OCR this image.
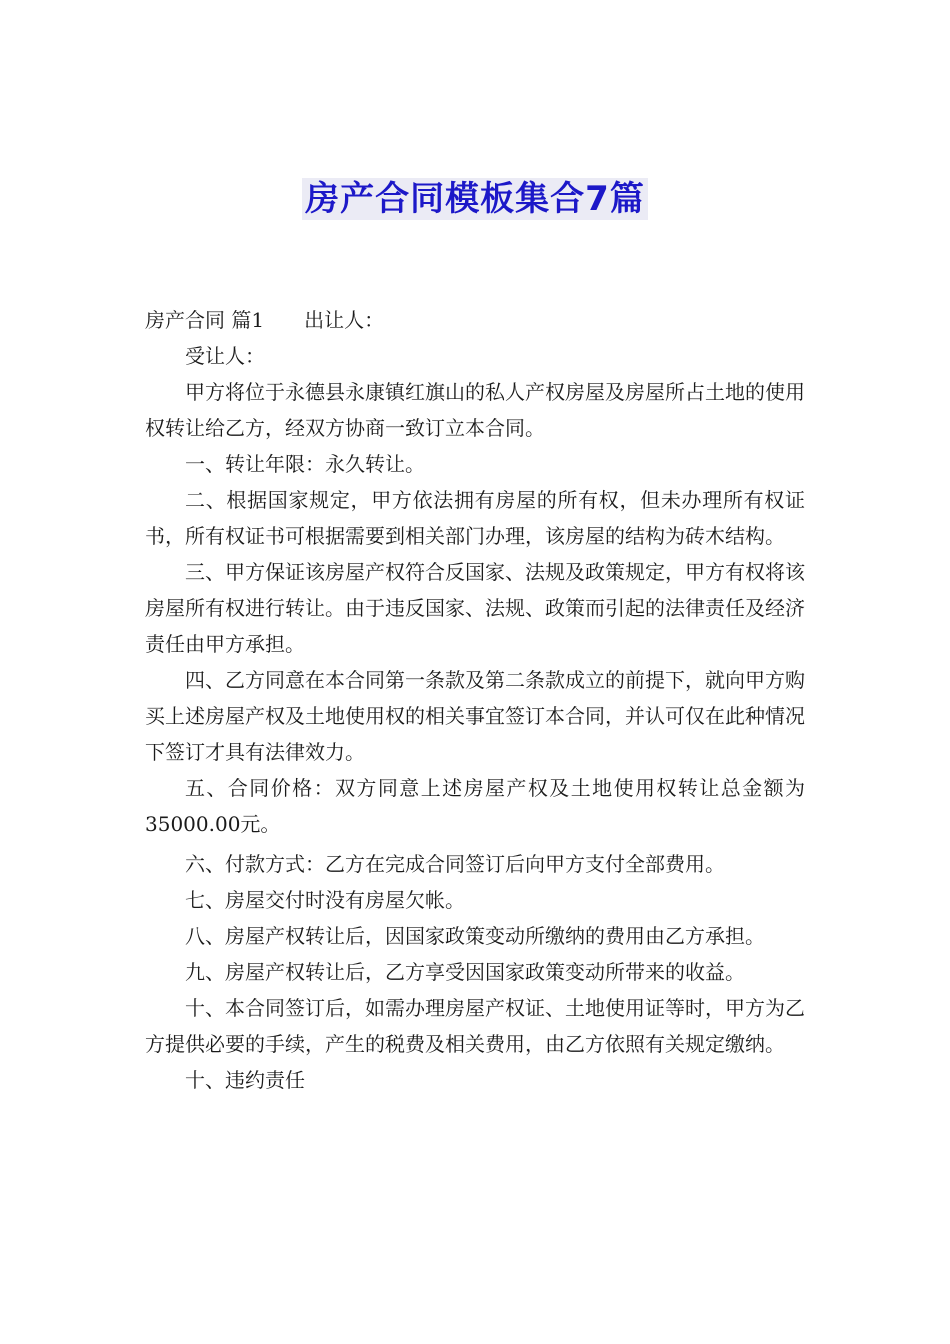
房产合同模板集合7篇

房产合同 篇1 出让人：

受让人：

甲方将位于永德县永康镇红旗山的私人产权房屋及房屋所占土地的使用权转让给乙方，经双方协商一致订立本合同。

一、转让年限：永久转让。

二、根据国家规定，甲方依法拥有房屋的所有权，但未办理所有权证书，所有权证书可根据需要到相关部门办理，该房屋的结构为砖木结构。

三、甲方保证该房屋产权符合反国家、法规及政策规定，甲方有权将该房屋所有权进行转让。由于违反国家、法规、政策而引起的法律责任及经济责任由甲方承担。

四、乙方同意在本合同第一条款及第二条款成立的前提下，就向甲方购买上述房屋产权及土地使用权的相关事宜签订本合同，并认可仅在此种情况下签订才具有法律效力。

五、合同价格：双方同意上述房屋产权及土地使用权转让总金额为35000.00元。

六、付款方式：乙方在完成合同签订后向甲方支付全部费用。

七、房屋交付时没有房屋欠帐。

八、房屋产权转让后，因国家政策变动所缴纳的费用由乙方承担。

九、房屋产权转让后，乙方享受因国家政策变动所带来的收益。

十、本合同签订后，如需办理房屋产权证、土地使用证等时，甲方为乙方提供必要的手续，产生的税费及相关费用，由乙方依照有关规定缴纳。

十、违约责任
